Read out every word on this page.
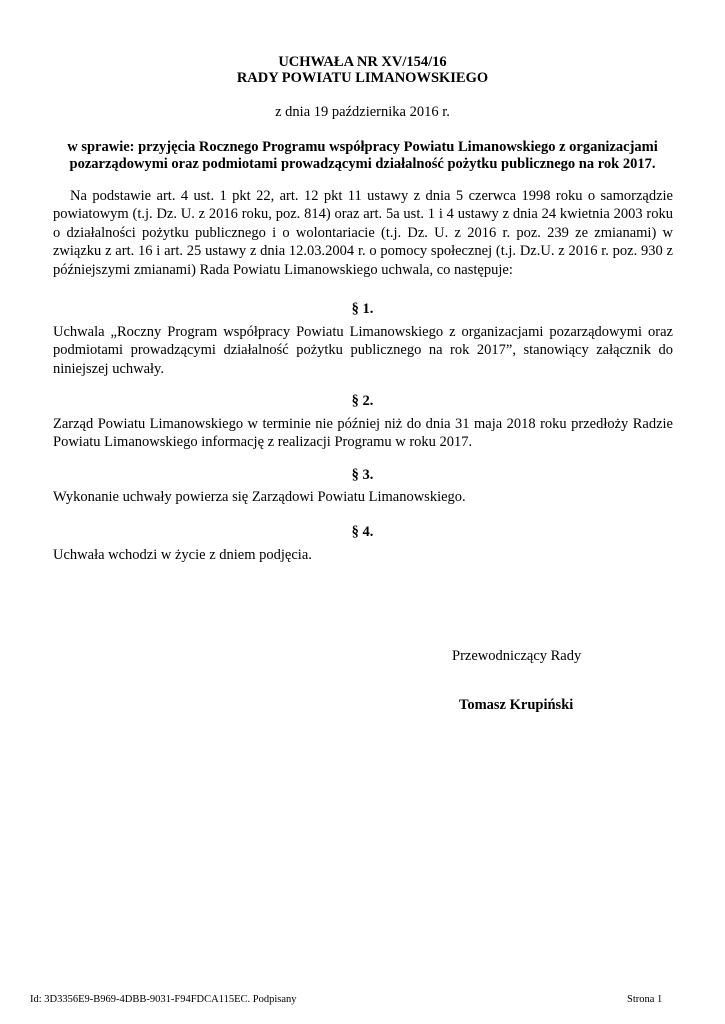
UCHWAŁA NR XV/154/16
RADY POWIATU LIMANOWSKIEGO
z dnia 19 października 2016 r.
w sprawie: przyjęcia Rocznego Programu współpracy Powiatu Limanowskiego z organizacjami
pozarządowymi oraz podmiotami prowadzącymi działalność pożytku publicznego na rok 2017.
Na podstawie art. 4 ust. 1 pkt 22, art. 12 pkt 11 ustawy z dnia 5 czerwca 1998 roku o samorządzie powiatowym (t.j. Dz. U. z 2016 roku, poz. 814) oraz art. 5a ust. 1 i 4 ustawy z dnia 24 kwietnia 2003 roku o działalności pożytku publicznego i o wolontariacie (t.j. Dz. U. z 2016 r. poz. 239 ze zmianami) w związku z art. 16 i art. 25 ustawy z dnia 12.03.2004 r. o pomocy społecznej (t.j. Dz.U. z 2016 r. poz. 930 z późniejszymi zmianami) Rada Powiatu Limanowskiego uchwala, co następuje:
§ 1.
Uchwala „Roczny Program współpracy Powiatu Limanowskiego z organizacjami pozarządowymi oraz podmiotami prowadzącymi działalność pożytku publicznego na rok 2017”, stanowiący załącznik do niniejszej uchwały.
§ 2.
Zarząd Powiatu Limanowskiego w terminie nie później niż do dnia 31 maja 2018 roku przedłoży Radzie Powiatu Limanowskiego informację z realizacji Programu w roku 2017.
§ 3.
Wykonanie uchwały powierza się Zarządowi Powiatu Limanowskiego.
§ 4.
Uchwała wchodzi w życie z dniem podjęcia.
Przewodniczący Rady
Tomasz Krupiński
Id: 3D3356E9-B969-4DBB-9031-F94FDCA115EC. Podpisany	Strona 1
